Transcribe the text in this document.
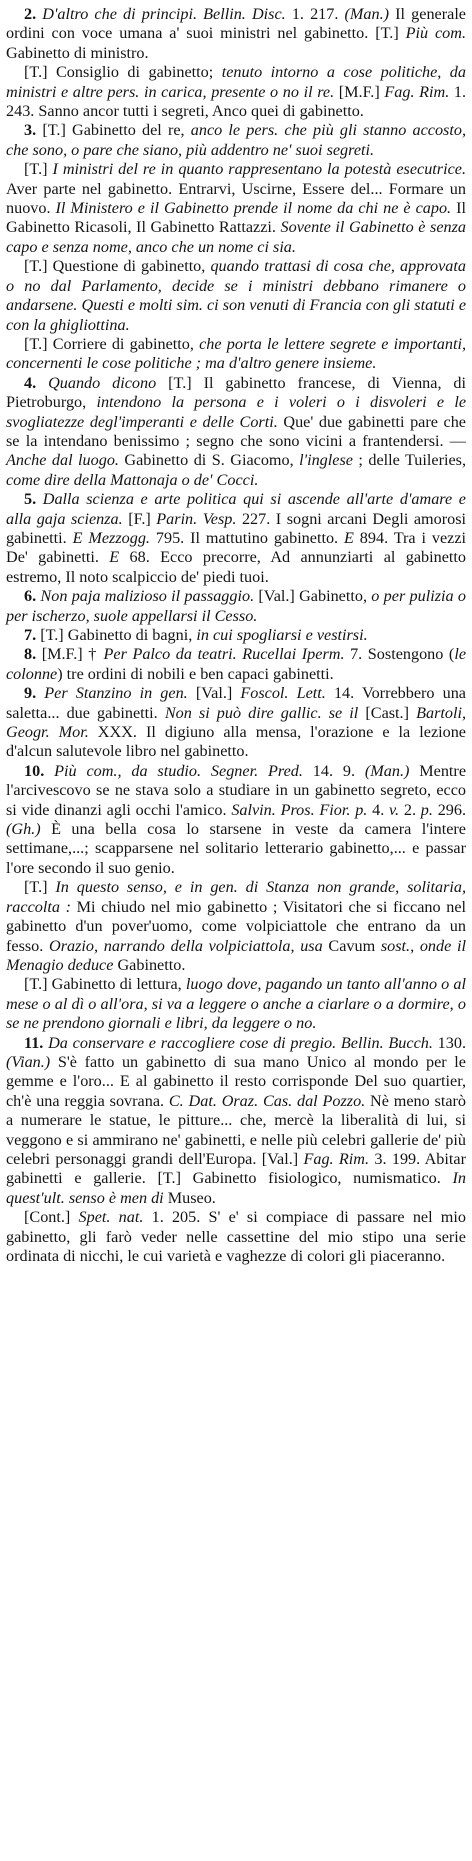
2. D'altro che di principi. Bellin. Disc. 1. 217. (Man.) Il generale ordini con voce umana a' suoi ministri nel gabinetto. [T.] Più com. Gabinetto di ministro.

[T.] Consiglio di gabinetto; tenuto intorno a cose politiche, da ministri e altre pers. in carica, presente o no il re. [M.F.] Fag. Rim. 1. 243. Sanno ancor tutti i segreti, Anco quei di gabinetto.

3. [T.] Gabinetto del re, anco le pers. che più gli stanno accosto, che sono, o pare che siano, più addentro ne' suoi segreti.

[T.] I ministri del re in quanto rappresentano la potestà esecutrice. Aver parte nel gabinetto. Entrarvi, Uscirne, Essere del... Formare un nuovo. Il Ministero e il Gabinetto prende il nome da chi ne è capo. Il Gabinetto Ricasoli, Il Gabinetto Rattazzi. Sovente il Gabinetto è senza capo e senza nome, anco che un nome ci sia.

[T.] Questione di gabinetto, quando trattasi di cosa che, approvata o no dal Parlamento, decide se i ministri debbano rimanere o andarsene. Questi e molti sim. ci son venuti di Francia con gli statuti e con la ghigliottina.

[T.] Corriere di gabinetto, che porta le lettere segrete e importanti, concernenti le cose politiche ; ma d'altro genere insieme.

4. Quando dicono [T.] Il gabinetto francese, di Vienna, di Pietroburgo, intendono la persona e i voleri o i disvoleri e le svogliatezze degl'imperanti e delle Corti. Que' due gabinetti pare che se la intendano benissimo ; segno che sono vicini a frantendersi. — Anche dal luogo. Gabinetto di S. Giacomo, l'inglese ; delle Tuileries, come dire della Mattonaja o de' Cocci.

5. Dalla scienza e arte politica qui si ascende all'arte d'amare e alla gaja scienza. [F.] Parin. Vesp. 227. I sogni arcani Degli amorosi gabinetti. E Mezzogg. 795. Il mattutino gabinetto. E 894. Tra i vezzi De' gabinetti. E 68. Ecco precorre, Ad annunziarti al gabinetto estremo, Il noto scalpiccio de' piedi tuoi.

6. Non paja malizioso il passaggio. [Val.] Gabinetto, o per pulizia o per ischerzo, suole appellarsi il Cesso.

7. [T.] Gabinetto di bagni, in cui spogliarsi e vestirsi.

8. [M.F.] † Per Palco da teatri. Rucellai Iperm. 7. Sostengono (le colonne) tre ordini di nobili e ben capaci gabinetti.

9. Per Stanzino in gen. [Val.] Foscol. Lett. 14. Vorrebbero una saletta... due gabinetti. Non si può dire gallic. se il [Cast.] Bartoli, Geogr. Mor. XXX. Il digiuno alla mensa, l'orazione e la lezione d'alcun salutevole libro nel gabinetto.

10. Più com., da studio. Segner. Pred. 14. 9. (Man.) Mentre l'arcivescovo se ne stava solo a studiare in un gabinetto segreto, ecco si vide dinanzi agli occhi l'amico. Salvin. Pros. Fior. p. 4. v. 2. p. 296. (Gh.) È una bella cosa lo starsene in veste da camera l'intere settimane,...; scapparsene nel solitario letterario gabinetto,... e passar l'ore secondo il suo genio.

[T.] In questo senso, e in gen. di Stanza non grande, solitaria, raccolta : Mi chiudo nel mio gabinetto ; Visitatori che si ficcano nel gabinetto d'un pover'uomo, come volpiciattole che entrano da un fesso. Orazio, narrando della volpiciattola, usa Cavum sost., onde il Menagio deduce Gabinetto.

[T.] Gabinetto di lettura, luogo dove, pagando un tanto all'anno o al mese o al dì o all'ora, si va a leggere o anche a ciarlare o a dormire, o se ne prendono giornali e libri, da leggere o no.

11. Da conservare e raccogliere cose di pregio. Bellin. Bucch. 130. (Vian.) S'è fatto un gabinetto di sua mano Unico al mondo per le gemme e l'oro... E al gabinetto il resto corrisponde Del suo quartier, ch'è una reggia sovrana. C. Dat. Oraz. Cas. dal Pozzo. Nè meno starò a numerare le statue, le pitture... che, mercè la liberalità di lui, si veggono e si ammirano ne' gabinetti, e nelle più celebri gallerie de' più celebri personaggi grandi dell'Europa. [Val.] Fag. Rim. 3. 199. Abitar gabinetti e gallerie. [T.] Gabinetto fisiologico, numismatico. In quest'ult. senso è men di Museo.

[Cont.] Spet. nat. 1. 205. S' e' si compiace di passare nel mio gabinetto, gli farò veder nelle cassettine del mio stipo una serie ordinata di nicchi, le cui varietà e vaghezze di colori gli piaceranno.
